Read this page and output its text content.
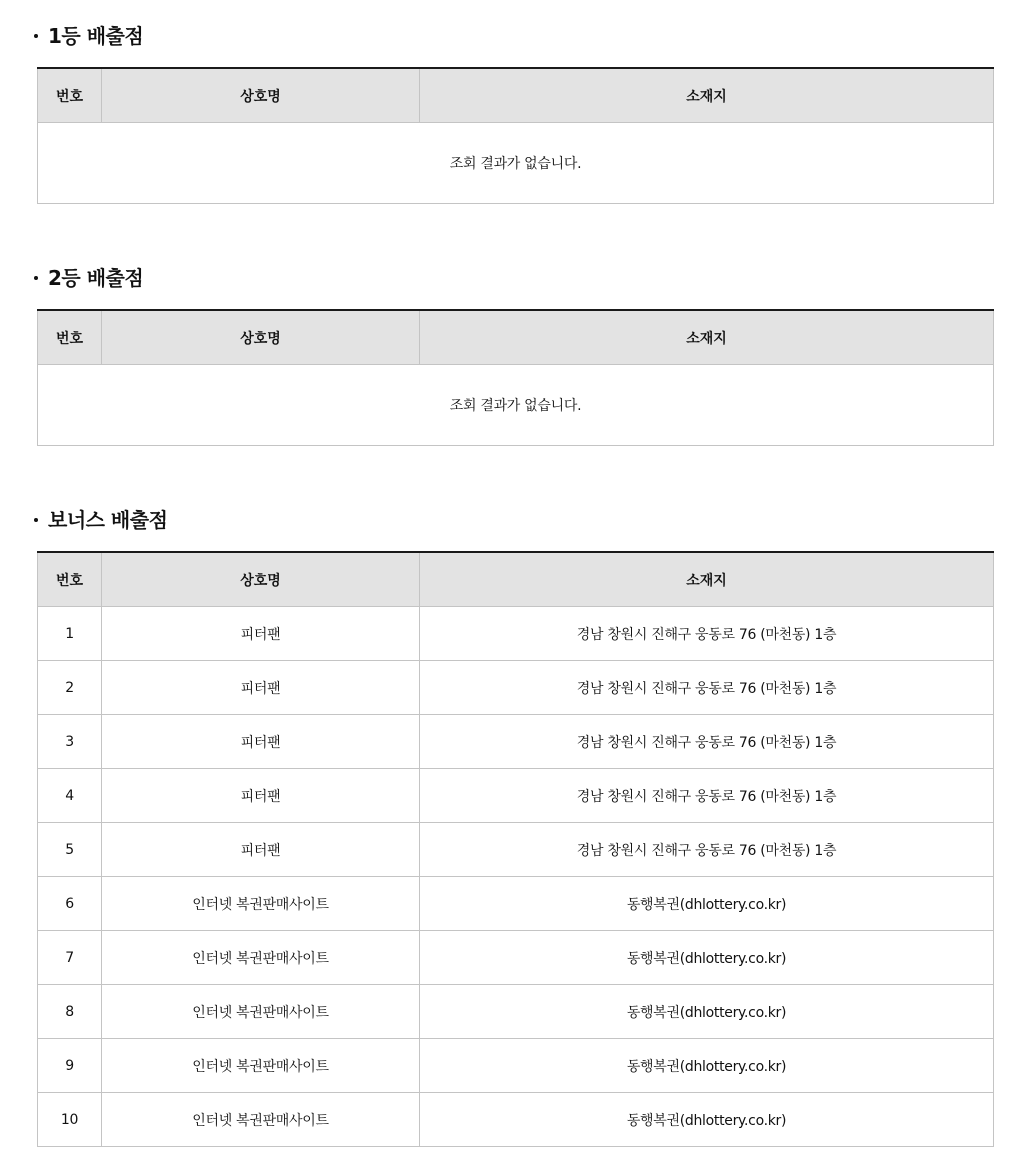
1등 배출점
번호	상호명	소재지
조회 결과가 없습니다.
2등 배출점
번호	상호명	소재지
조회 결과가 없습니다.
보너스 배출점
번호	상호명	소재지
1	피터팬	경남 창원시 진해구 웅동로 76 (마천동) 1층
2	피터팬	경남 창원시 진해구 웅동로 76 (마천동) 1층
3	피터팬	경남 창원시 진해구 웅동로 76 (마천동) 1층
4	피터팬	경남 창원시 진해구 웅동로 76 (마천동) 1층
5	피터팬	경남 창원시 진해구 웅동로 76 (마천동) 1층
6	인터넷 복권판매사이트	동행복권(dhlottery.co.kr)
7	인터넷 복권판매사이트	동행복권(dhlottery.co.kr)
8	인터넷 복권판매사이트	동행복권(dhlottery.co.kr)
9	인터넷 복권판매사이트	동행복권(dhlottery.co.kr)
10	인터넷 복권판매사이트	동행복권(dhlottery.co.kr)
